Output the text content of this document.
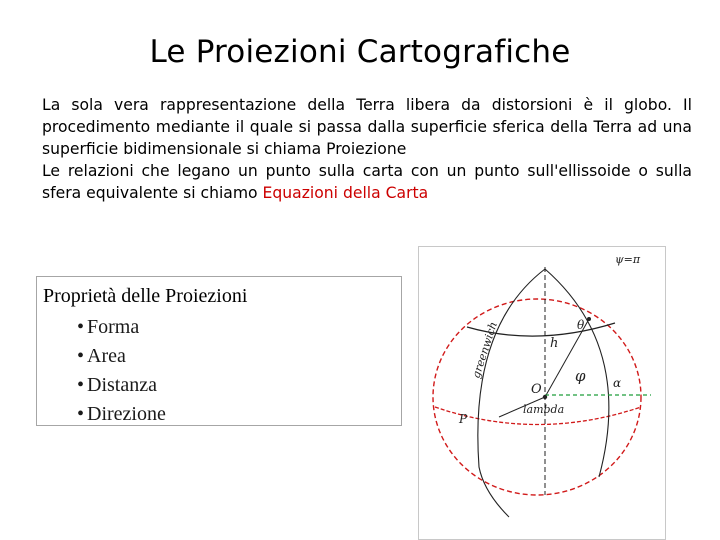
Le Proiezioni Cartografiche
La sola vera rappresentazione della Terra libera da distorsioni è il globo. Il procedimento mediante il quale si passa dalla superficie sferica della Terra ad una superficie bidimensionale si chiama Proiezione
Le relazioni che legano un punto sulla carta con un punto sull'ellissoide o sulla sfera equivalente si chiamo Equazioni della Carta
Proprietà delle Proiezioni
• Forma
• Area
• Distanza
• Direzione
ψ=π
θ
h
φ α
O
P
lambda
greenwich
